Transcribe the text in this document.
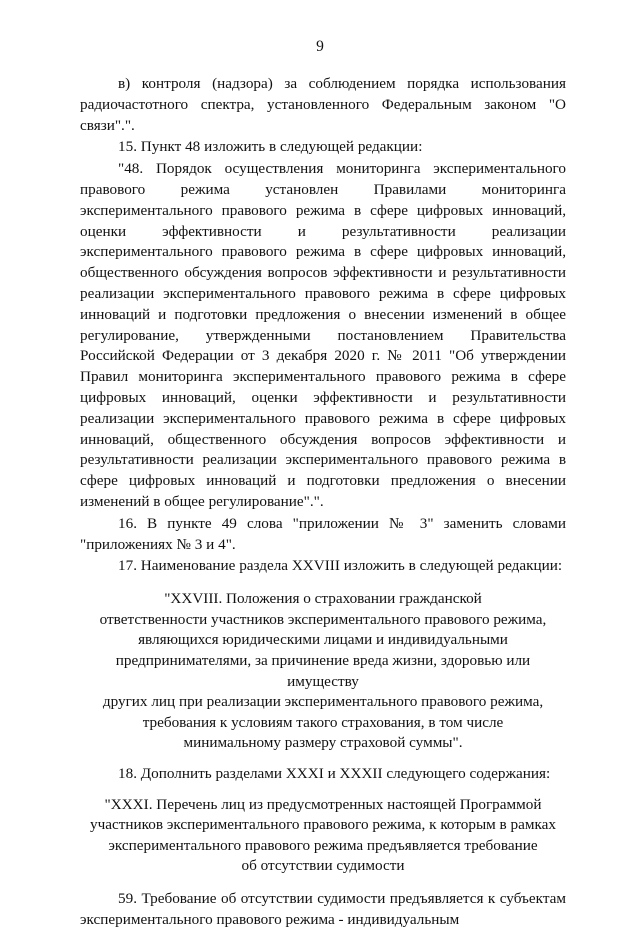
9

в) контроля (надзора) за соблюдением порядка использования радиочастотного спектра, установленного Федеральным законом "О связи".".

15. Пункт 48 изложить в следующей редакции:

"48. Порядок осуществления мониторинга экспериментального правового режима установлен Правилами мониторинга экспериментального правового режима в сфере цифровых инноваций, оценки эффективности и результативности реализации экспериментального правового режима в сфере цифровых инноваций, общественного обсуждения вопросов эффективности и результативности реализации экспериментального правового режима в сфере цифровых инноваций и подготовки предложения о внесении изменений в общее регулирование, утвержденными постановлением Правительства Российской Федерации от 3 декабря 2020 г. № 2011 "Об утверждении Правил мониторинга экспериментального правового режима в сфере цифровых инноваций, оценки эффективности и результативности реализации экспериментального правового режима в сфере цифровых инноваций, общественного обсуждения вопросов эффективности и результативности реализации экспериментального правового режима в сфере цифровых инноваций и подготовки предложения о внесении изменений в общее регулирование".".

16. В пункте 49 слова "приложении № 3" заменить словами "приложениях № 3 и 4".

17. Наименование раздела XXVIII изложить в следующей редакции:

"XXVIII. Положения о страховании гражданской

ответственности участников экспериментального правового режима,

являющихся юридическими лицами и индивидуальными

предпринимателями, за причинение вреда жизни, здоровью или имуществу

других лиц при реализации экспериментального правового режима,

требования к условиям такого страхования, в том числе

минимальному размеру страховой суммы".

18. Дополнить разделами XXXI и XXXII следующего содержания:

"XXXI. Перечень лиц из предусмотренных настоящей Программой

участников экспериментального правового режима, к которым в рамках

экспериментального правового режима предъявляется требование

об отсутствии судимости

59. Требование об отсутствии судимости предъявляется к субъектам экспериментального правового режима - индивидуальным
